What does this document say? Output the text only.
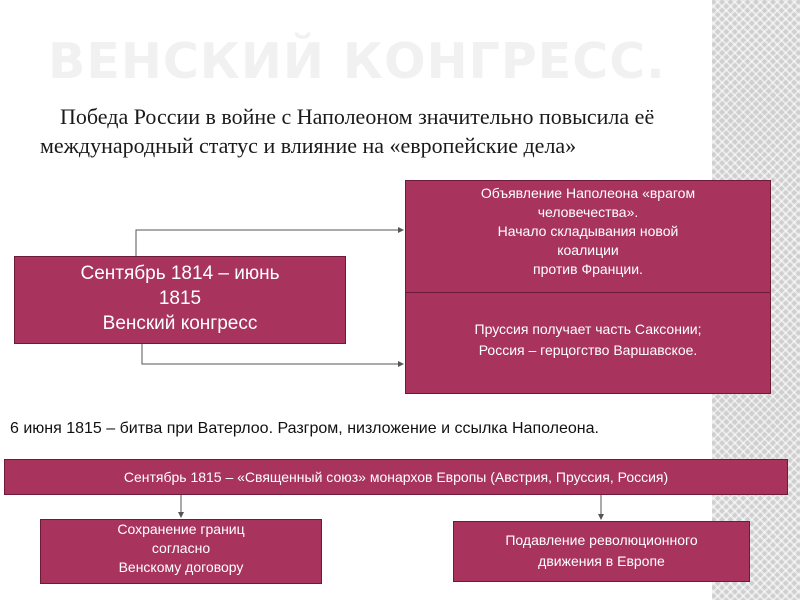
ВЕНСКИЙ КОНГРЕСС.
Победа России в войне с Наполеоном значительно повысила её международный статус и влияние на «европейские дела»
Сентябрь 1814 – июнь
1815
Венский конгресс
Объявление Наполеона «врагом
человечества».
Начало складывания новой
коалиции
против Франции.
Пруссия получает часть Саксонии;
Россия – герцогство Варшавское.
6 июня 1815 – битва при Ватерлоо. Разгром, низложение и ссылка Наполеона.
Сентябрь 1815 – «Священный союз» монархов Европы (Австрия, Пруссия, Россия)
Сохранение границ
согласно
Венскому договору
Подавление революционного
движения в Европе
